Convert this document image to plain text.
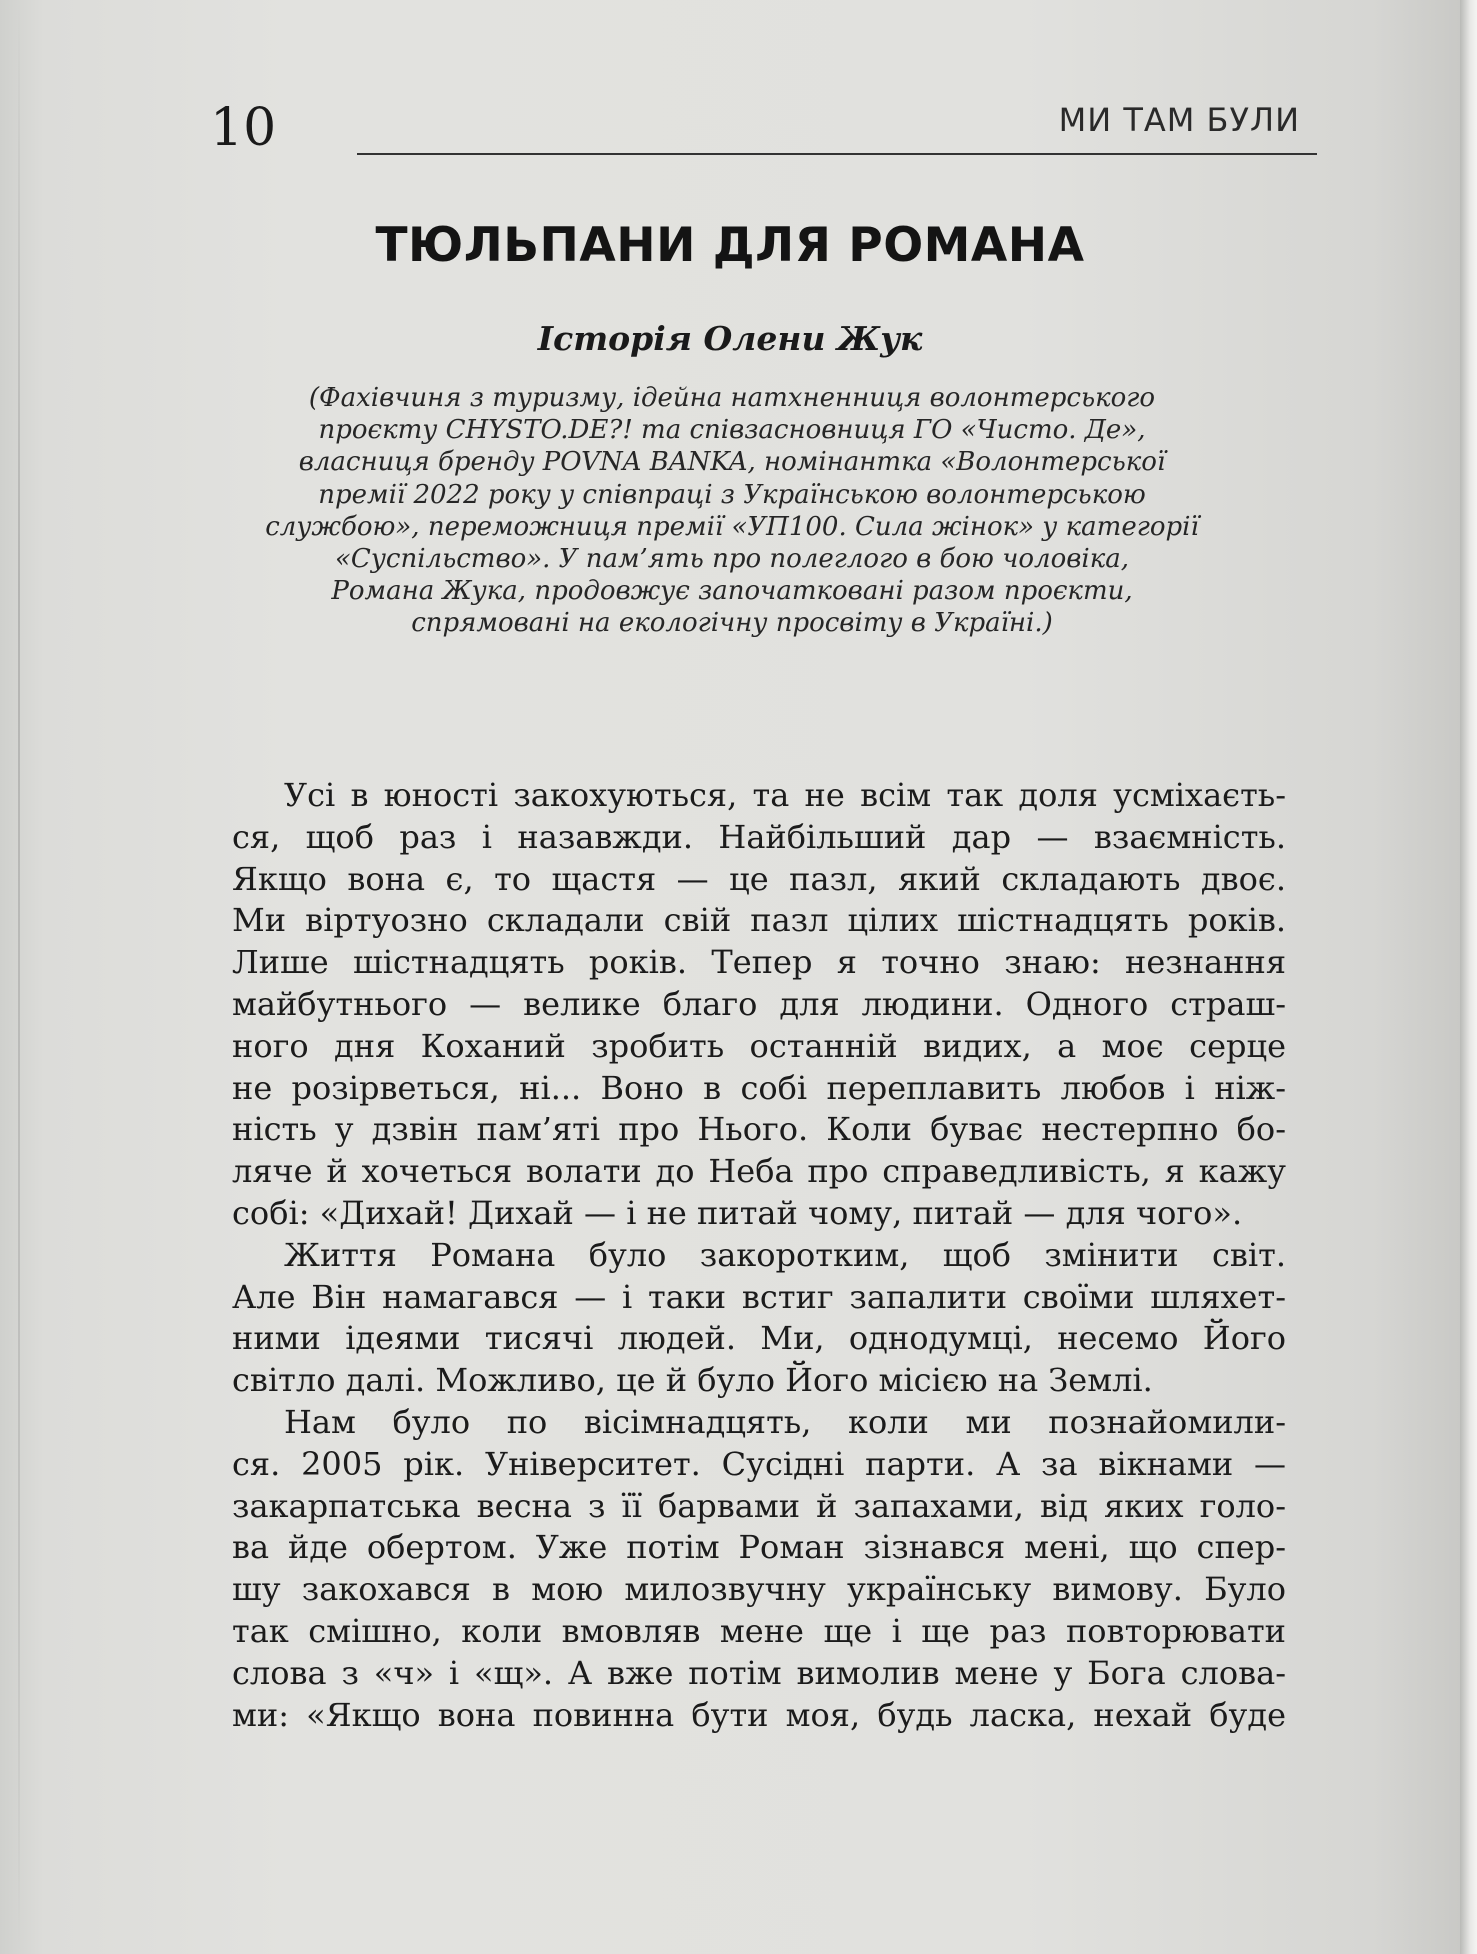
10	МИ ТАМ БУЛИ
ТЮЛЬПАНИ ДЛЯ РОМАНА
Історія Олени Жук
(Фахівчиня з туризму, ідейна натхненниця волонтерського
проєкту CHYSTO.DE?! та співзасновниця ГО «Чисто. Де»,
власниця бренду POVNA BANKA, номінантка «Волонтерської
премії 2022 року у співпраці з Українською волонтерською
службою», переможниця премії «УП100. Сила жінок» у категорії
«Суспільство». У пам’ять про полеглого в бою чоловіка,
Романа Жука, продовжує започатковані разом проєкти,
спрямовані на екологічну просвіту в Україні.)
Усі в юності закохуються, та не всім так доля усміхаєть-
ся, щоб раз і назавжди. Найбільший дар — взаємність.
Якщо вона є, то щастя — це пазл, який складають двоє.
Ми віртуозно складали свій пазл цілих шістнадцять років.
Лише шістнадцять років. Тепер я точно знаю: незнання
майбутнього — велике благо для людини. Одного страш-
ного дня Коханий зробить останній видих, а моє серце
не розірветься, ні... Воно в собі переплавить любов і ніж-
ність у дзвін пам’яті про Нього. Коли буває нестерпно бо-
ляче й хочеться волати до Неба про справедливість, я кажу
собі: «Дихай! Дихай — і не питай чому, питай — для чого».
Життя Романа було закоротким, щоб змінити світ.
Але Він намагався — і таки встиг запалити своїми шляхет-
ними ідеями тисячі людей. Ми, однодумці, несемо Його
світло далі. Можливо, це й було Його місією на Землі.
Нам було по вісімнадцять, коли ми познайомили-
ся. 2005 рік. Університет. Сусідні парти. А за вікнами —
закарпатська весна з її барвами й запахами, від яких голо-
ва йде обертом. Уже потім Роман зізнався мені, що спер-
шу закохався в мою милозвучну українську вимову. Було
так смішно, коли вмовляв мене ще і ще раз повторювати
слова з «ч» і «щ». А вже потім вимолив мене у Бога слова-
ми: «Якщо вона повинна бути моя, будь ласка, нехай буде
